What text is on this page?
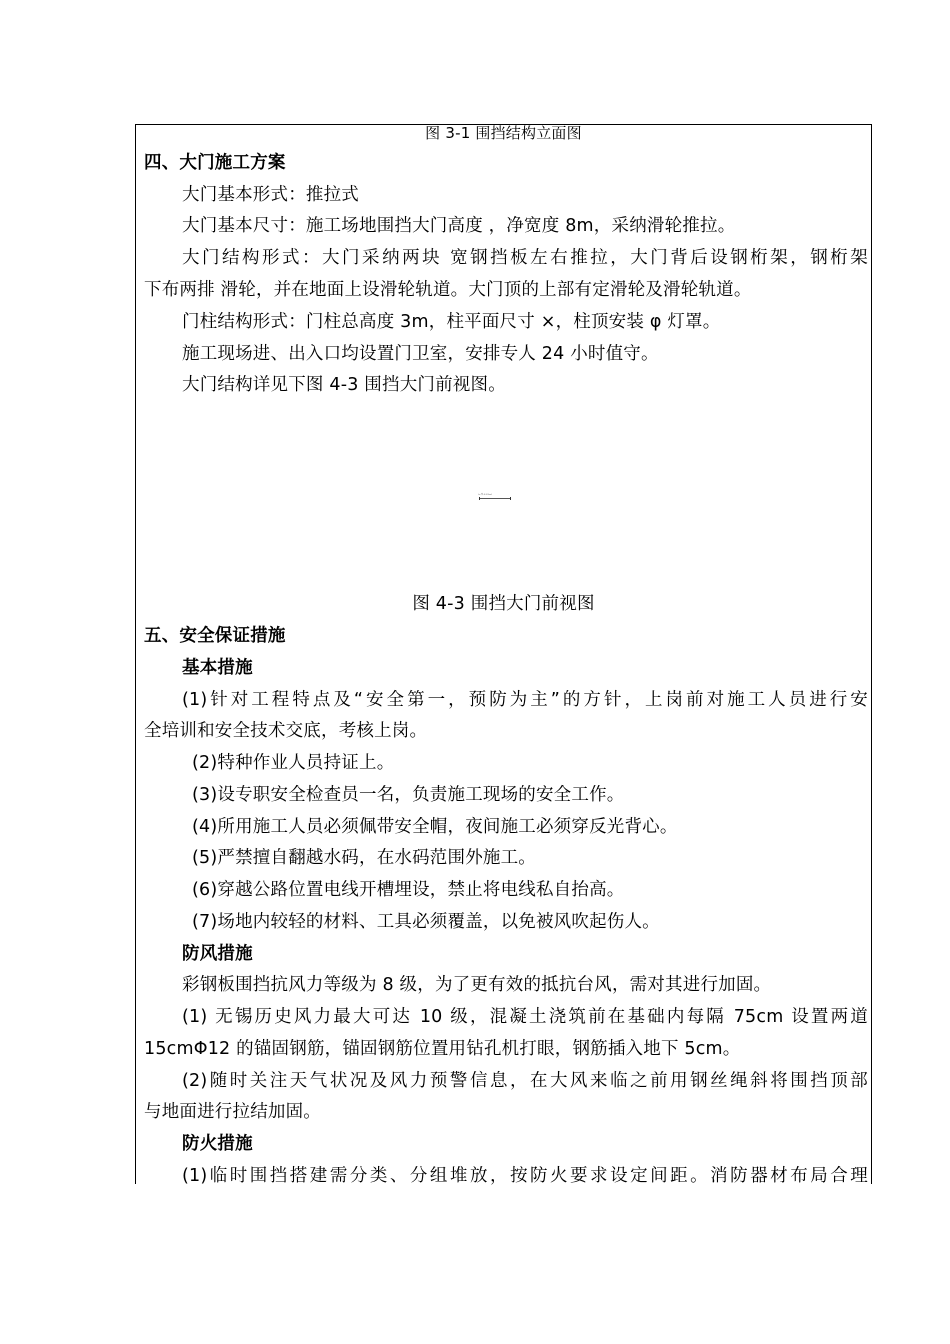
图 3-1 围挡结构立面图
四、大门施工方案
大门基本形式：推拉式
大门基本尺寸：施工场地围挡大门高度 ，净宽度 8m，采纳滑轮推拉。
大门结构形式：大门采纳两块 宽钢挡板左右推拉，大门背后设钢桁架，钢桁架
下布两排 滑轮，并在地面上设滑轮轨道。大门顶的上部有定滑轮及滑轮轨道。
门柱结构形式：门柱总高度 3m，柱平面尺寸 ×，柱顶安装 φ 灯罩。
施工现场进、出入口均设置门卫室，安排专人 24 小时值守。
大门结构详见下图 4-3 围挡大门前视图。
Lo 图 4-3 Roof
图 4-3 围挡大门前视图
五、安全保证措施
基本措施
(1)针对工程特点及“安全第一，预防为主”的方针，上岗前对施工人员进行安
全培训和安全技术交底，考核上岗。
(2)特种作业人员持证上。
(3)设专职安全检查员一名，负责施工现场的安全工作。
(4)所用施工人员必须佩带安全帽，夜间施工必须穿反光背心。
(5)严禁擅自翻越水码，在水码范围外施工。
(6)穿越公路位置电线开槽埋设，禁止将电线私自抬高。
(7)场地内较轻的材料、工具必须覆盖，以免被风吹起伤人。
防风措施
彩钢板围挡抗风力等级为 8 级，为了更有效的抵抗台风，需对其进行加固。
(1) 无锡历史风力最大可达 10 级，混凝土浇筑前在基础内每隔 75cm 设置两道
15cmΦ12 的锚固钢筋，锚固钢筋位置用钻孔机打眼，钢筋插入地下 5cm。
(2)随时关注天气状况及风力预警信息，在大风来临之前用钢丝绳斜将围挡顶部
与地面进行拉结加固。
防火措施
(1)临时围挡搭建需分类、分组堆放，按防火要求设定间距。消防器材布局合理
